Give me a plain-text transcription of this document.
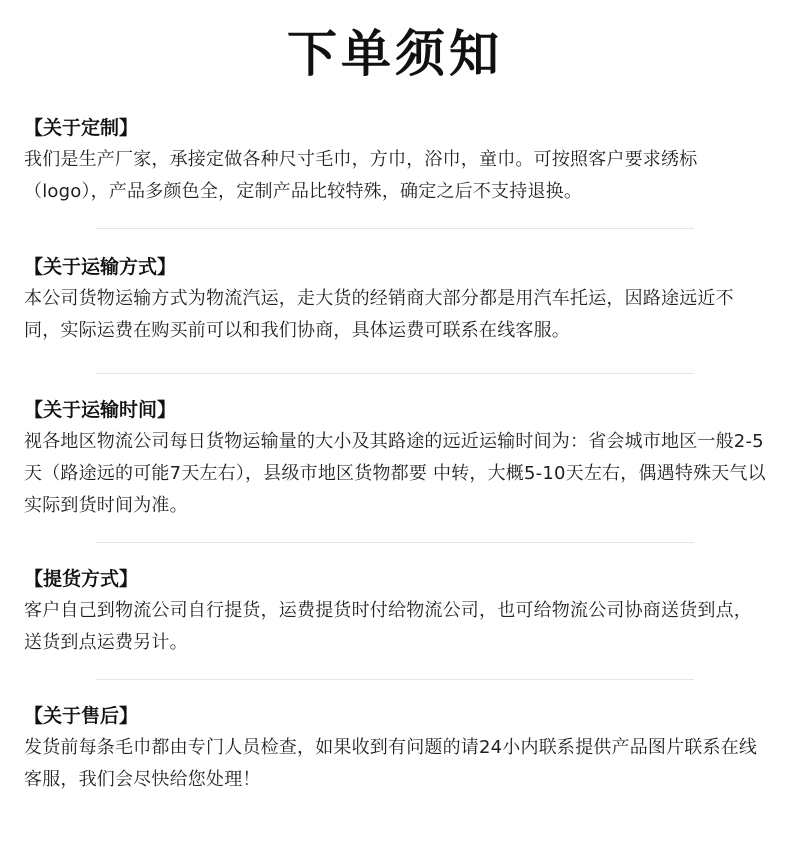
下单须知
【关于定制】

我们是生产厂家，承接定做各种尺寸毛巾，方巾，浴巾，童巾。可按照客户要求绣标（logo），产品多颜色全，定制产品比较特殊，确定之后不支持退换。

【关于运输方式】

本公司货物运输方式为物流汽运，走大货的经销商大部分都是用汽车托运，因路途远近不同，实际运费在购买前可以和我们协商，具体运费可联系在线客服。

【关于运输时间】

视各地区物流公司每日货物运输量的大小及其路途的远近运输时间为：省会城市地区一般2-5天（路途远的可能7天左右），县级市地区货物都要 中转，大概5-10天左右，偶遇特殊天气以实际到货时间为准。

【提货方式】

客户自己到物流公司自行提货，运费提货时付给物流公司，也可给物流公司协商送货到点，送货到点运费另计。

【关于售后】

发货前每条毛巾都由专门人员检查，如果收到有问题的请24小内联系提供产品图片联系在线客服，我们会尽快给您处理！
